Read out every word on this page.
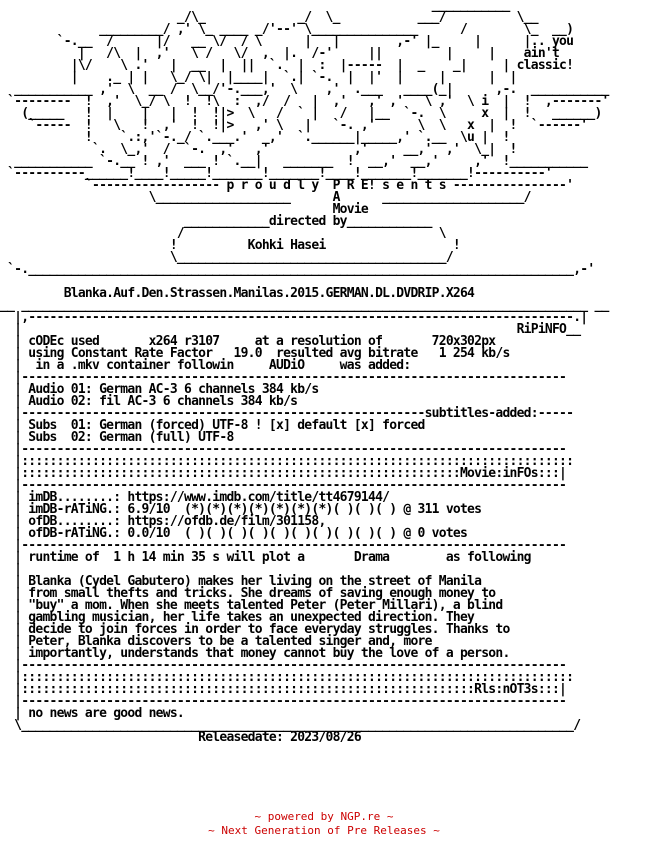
___________
_/\_             _/  \_           ___/          \__
_________/ ,' \_ ____ _/'--' \_______________      /        \_  __)
`-.__  /      |/   __ \/  / \      |   |        ,-' |_     |      |.. you
|   /\  |  ,'   \ /   \/  ,  |.  /-'     ||         |     |    ain't
|\/    \ .'   |  __  |  ||  `.  |  :  |-----  |  _    _|     | classic!
|    ._ | |   \_/ \|  |____|  `.| `-.  |  |'  |     |      |  |
___________ ,'  \  __ /  \__/'-.___,'  \    ,'  .___   ____(_|      ,-.  ___________
`--------  !  ,'  \_/ \  !  !\  :  ,/  /   |  ,'   ,' ,'   \ ,'  \ i  |  !  ,-------'
(_____   !  |    |   |  !  !|>  \   /  ` |   /   |__  `-.  \     x  |  !   ______)
`-----  !   \   !  ,'  !  !|>   ,' \   |   `-. ,'      \  \   x  |  !  `------'
!    `.:,'`-._/ `.___.'  _,'  `.______|_____,' `.__  \u |  !
`.  \_,'  /  `-.  ,'   ,'            ,'     __,'  ,'  \_|  !
___________ `-.__ ! ,'  ___ ! `.__|   _______  !  __,'  __,'     ,'  !___________
`----------______!____!_____!_______!_______!____!_______!_______!----------'
`------------------ p r o u d l y  P R E! s e n t s ----------------'
\___________________      A      ____________________/
Movie
____________directed by____________
/                                    \
!          Kohki Hasei                  !
\______________________________________/
`-._____________________________________________________________________________,-'

Blanka.Auf.Den.Strassen.Manilas.2015.GERMAN.DL.DVDRIP.X264
__ ________________________________________________________________________________ __
|,-----------------------------------------------------------------------------.|
|                                                                      RiPiNFO__
| cODEc used       x264 r3107     at a resolution of       720x302px
| using Constant Rate Factor   19.0  resulted avg bitrate   1 254 kb/s
|  in a .mkv container followin     AUDiO     was added:
|-----------------------------------------------------------------------------
| Audio 01: German AC-3 6 channels 384 kb/s
| Audio 02: fil AC-3 6 channels 384 kb/s
|---------------------------------------------------------subtitles-added:-----
| Subs  01: German (forced) UTF-8 ! [x] default [x] forced
| Subs  02: German (full) UTF-8
|-----------------------------------------------------------------------------
|::::::::::::::::::::::::::::::::::::::::::::::::::::::::::::::::::::::::::::::
|::::::::::::::::::::::::::::::::::::::::::::::::::::::::::::::Movie:inFOs:::|
|-----------------------------------------------------------------------------
| imDB........: https://www.imdb.com/title/tt4679144/
| imDB-rATiNG.: 6.9/10  (*)(*)(*)(*)(*)(*)(*)( )( )( ) @ 311 votes
| ofDB........: https://ofdb.de/film/301158,
| ofDB-rATiNG.: 0.0/10  ( )( )( )( )( )( )( )( )( )( ) @ 0 votes
|-----------------------------------------------------------------------------
| runtime of  1 h 14 min 35 s will plot a       Drama        as following
|
| Blanka (Cydel Gabutero) makes her living on the street of Manila
| from small thefts and tricks. She dreams of saving enough money to
| "buy" a mom. When she meets talented Peter (Peter Millari), a blind
| gambling musician, her life takes an unexpected direction. They
| decide to join forces in order to face everyday struggles. Thanks to
| Peter, Blanka discovers to be a talented singer and, more
| importantly, understands that money cannot buy the love of a person.
|-----------------------------------------------------------------------------
|::::::::::::::::::::::::::::::::::::::::::::::::::::::::::::::::::::::::::::::
|::::::::::::::::::::::::::::::::::::::::::::::::::::::::::::::::Rls:nOT3s:::|
|-----------------------------------------------------------------------------
| no news are good news.
\______________________________________________________________________________/
Releasedate: 2023/08/26

~ powered by NGP.re ~
~ Next Generation of Pre Releases ~
